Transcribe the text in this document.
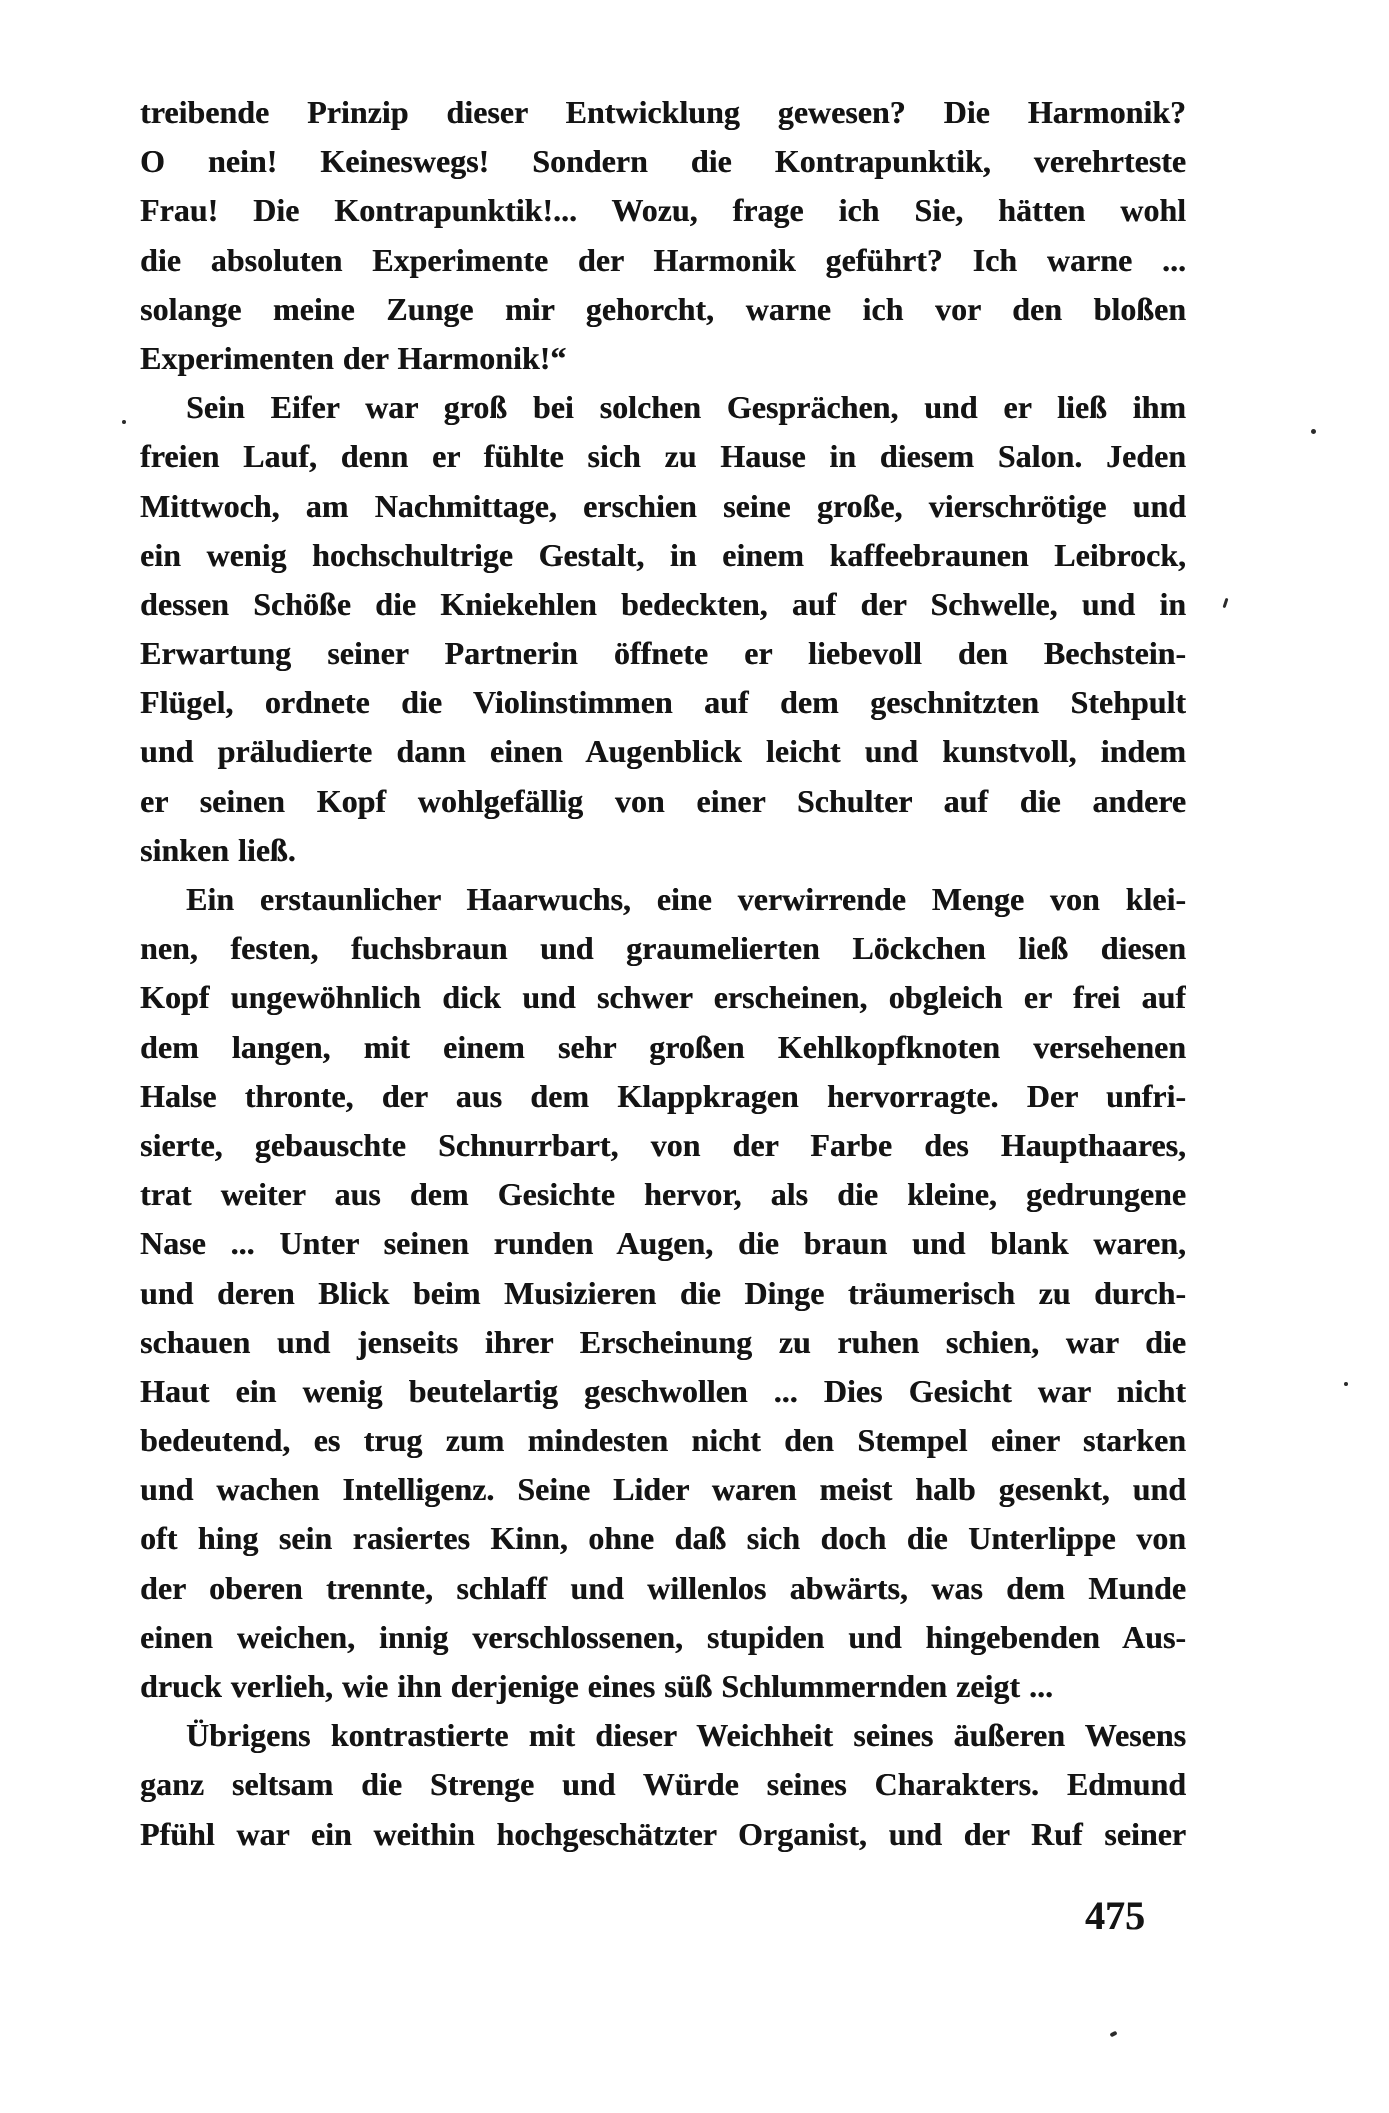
treibende Prinzip dieser Entwicklung gewesen? Die Harmonik?
O nein! Keineswegs! Sondern die Kontrapunktik, verehrteste
Frau! Die Kontrapunktik!... Wozu, frage ich Sie, hätten wohl
die absoluten Experimente der Harmonik geführt? Ich warne ...
solange meine Zunge mir gehorcht, warne ich vor den bloßen
Experimenten der Harmonik!“
Sein Eifer war groß bei solchen Gesprächen, und er ließ ihm
freien Lauf, denn er fühlte sich zu Hause in diesem Salon. Jeden
Mittwoch, am Nachmittage, erschien seine große, vierschrötige und
ein wenig hochschultrige Gestalt, in einem kaffeebraunen Leibrock,
dessen Schöße die Kniekehlen bedeckten, auf der Schwelle, und in
Erwartung seiner Partnerin öffnete er liebevoll den Bechstein-
Flügel, ordnete die Violinstimmen auf dem geschnitzten Stehpult
und präludierte dann einen Augenblick leicht und kunstvoll, indem
er seinen Kopf wohlgefällig von einer Schulter auf die andere
sinken ließ.
Ein erstaunlicher Haarwuchs, eine verwirrende Menge von klei-
nen, festen, fuchsbraun und graumelierten Löckchen ließ diesen
Kopf ungewöhnlich dick und schwer erscheinen, obgleich er frei auf
dem langen, mit einem sehr großen Kehlkopfknoten versehenen
Halse thronte, der aus dem Klappkragen hervorragte. Der unfri-
sierte, gebauschte Schnurrbart, von der Farbe des Haupthaares,
trat weiter aus dem Gesichte hervor, als die kleine, gedrungene
Nase ... Unter seinen runden Augen, die braun und blank waren,
und deren Blick beim Musizieren die Dinge träumerisch zu durch-
schauen und jenseits ihrer Erscheinung zu ruhen schien, war die
Haut ein wenig beutelartig geschwollen ... Dies Gesicht war nicht
bedeutend, es trug zum mindesten nicht den Stempel einer starken
und wachen Intelligenz. Seine Lider waren meist halb gesenkt, und
oft hing sein rasiertes Kinn, ohne daß sich doch die Unterlippe von
der oberen trennte, schlaff und willenlos abwärts, was dem Munde
einen weichen, innig verschlossenen, stupiden und hingebenden Aus-
druck verlieh, wie ihn derjenige eines süß Schlummernden zeigt ...
Übrigens kontrastierte mit dieser Weichheit seines äußeren Wesens
ganz seltsam die Strenge und Würde seines Charakters. Edmund
Pfühl war ein weithin hochgeschätzter Organist, und der Ruf seiner
475
